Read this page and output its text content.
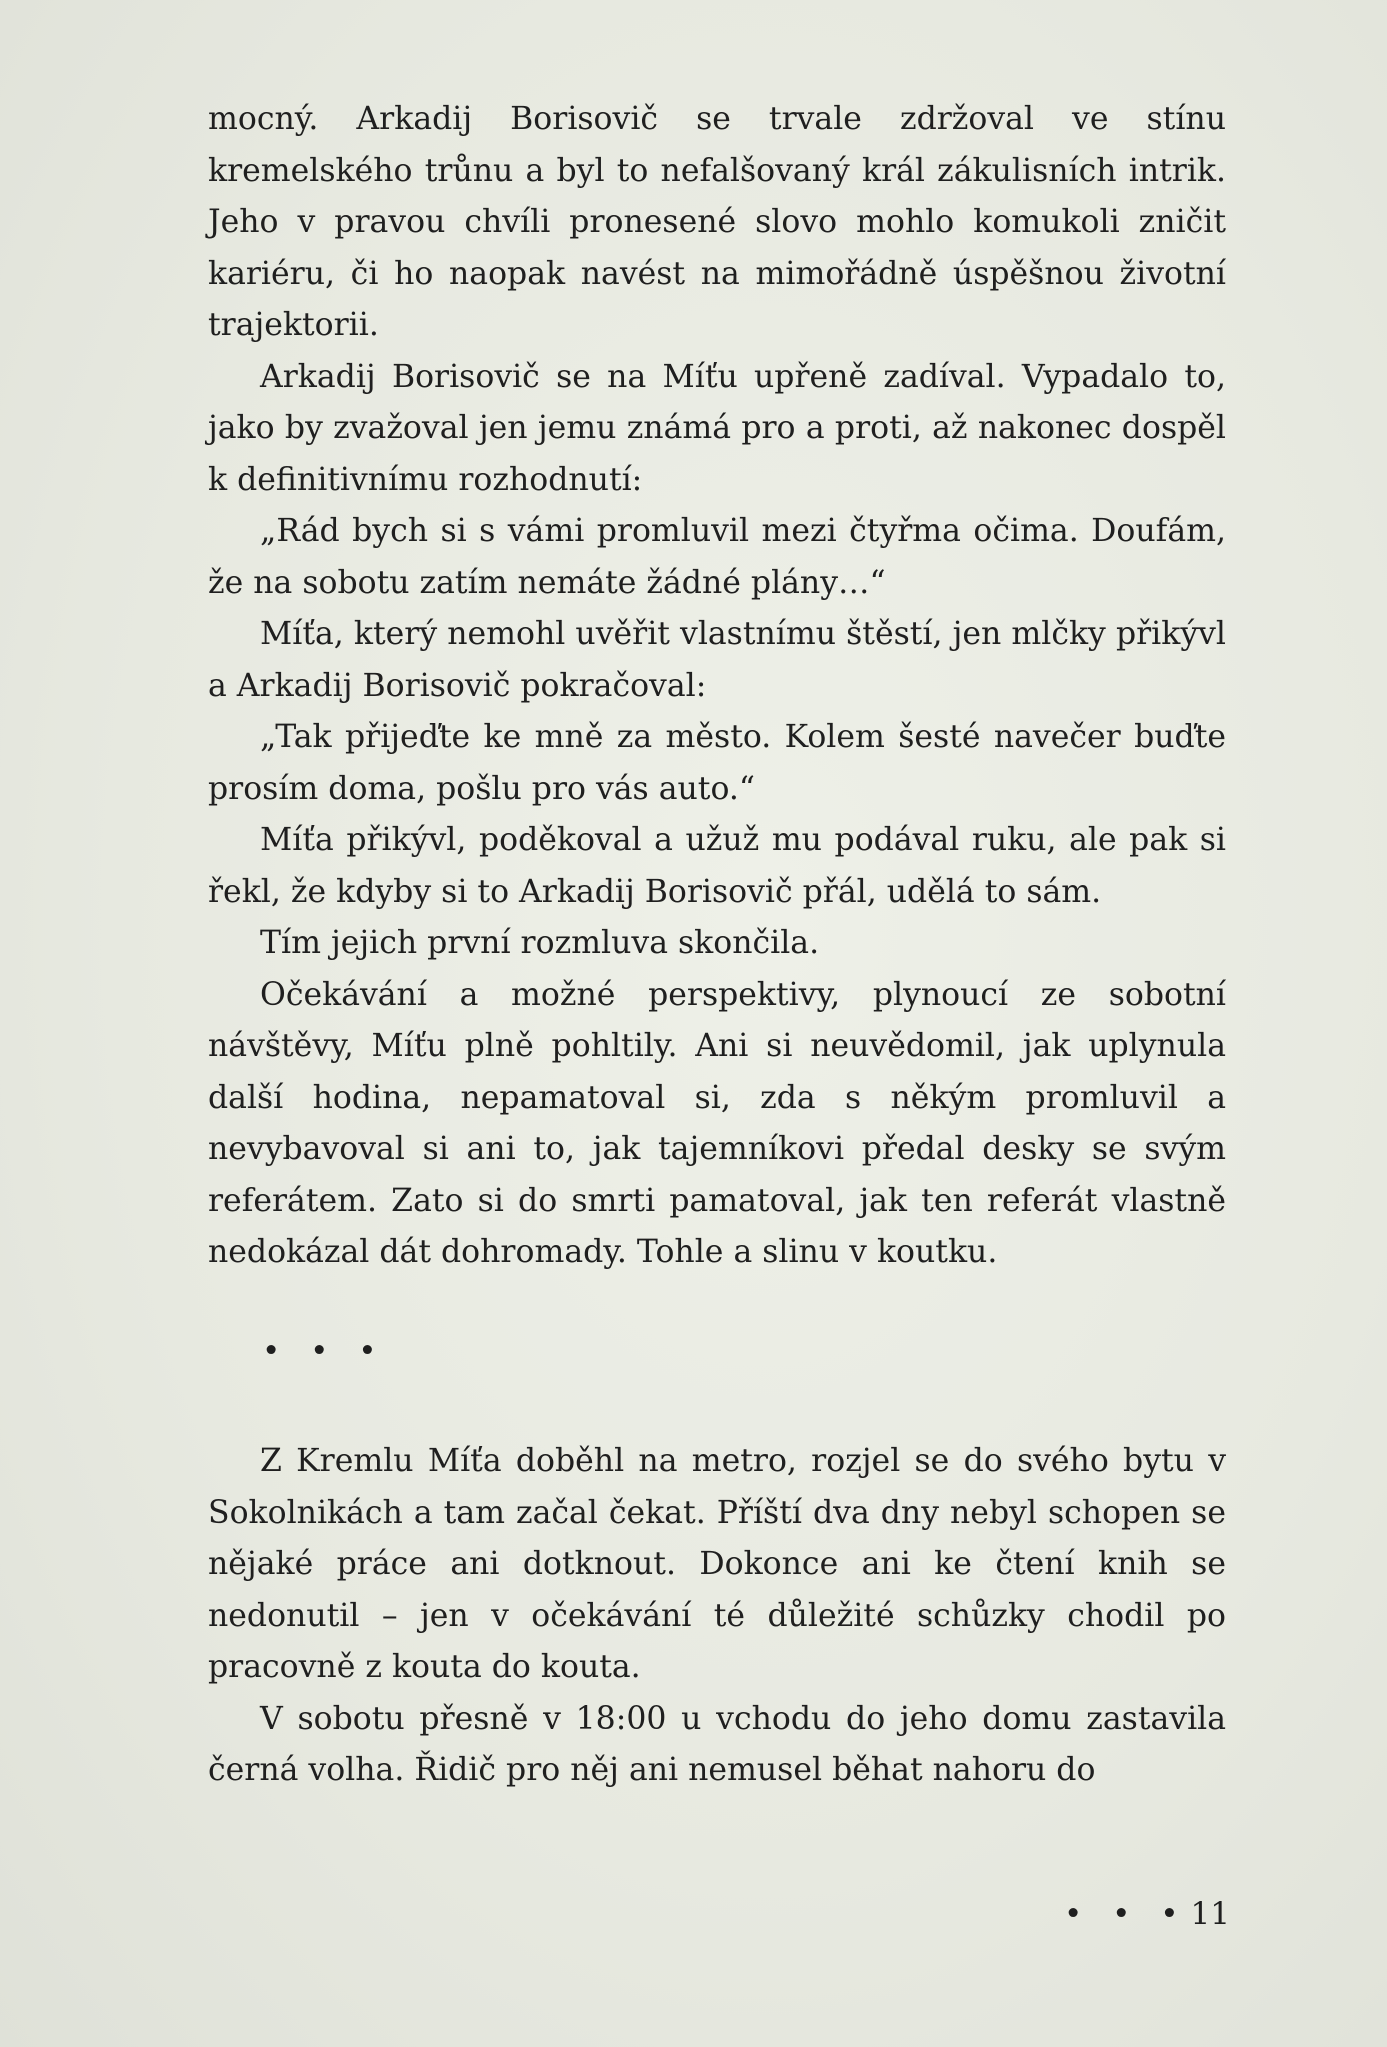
mocný. Arkadij Borisovič se trvale zdržoval ve stínu kremelského trůnu a byl to nefalšovaný král zákulisních intrik. Jeho v pravou chvíli pronesené slovo mohlo komukoli zničit kariéru, či ho naopak navést na mimořádně úspěšnou životní trajektorii.

Arkadij Borisovič se na Míťu upřeně zadíval. Vypadalo to, jako by zvažoval jen jemu známá pro a proti, až nakonec dospěl k definitivnímu rozhodnutí:

„Rád bych si s vámi promluvil mezi čtyřma očima. Doufám, že na sobotu zatím nemáte žádné plány…“

Míťa, který nemohl uvěřit vlastnímu štěstí, jen mlčky přikývl a Arkadij Borisovič pokračoval:

„Tak přijeďte ke mně za město. Kolem šesté navečer buďte prosím doma, pošlu pro vás auto.“

Míťa přikývl, poděkoval a užuž mu podával ruku, ale pak si řekl, že kdyby si to Arkadij Borisovič přál, udělá to sám.

Tím jejich první rozmluva skončila.

Očekávání a možné perspektivy, plynoucí ze sobotní návštěvy, Míťu plně pohltily. Ani si neuvědomil, jak uplynula další hodina, nepamatoval si, zda s někým promluvil a nevybavoval si ani to, jak tajemníkovi předal desky se svým referátem. Zato si do smrti pamatoval, jak ten referát vlastně nedokázal dát dohromady. Tohle a slinu v koutku.

• • •

Z Kremlu Míťa doběhl na metro, rozjel se do svého bytu v Sokolnikách a tam začal čekat. Příští dva dny nebyl schopen se nějaké práce ani dotknout. Dokonce ani ke čtení knih se nedonutil – jen v očekávání té důležité schůzky chodil po pracovně z kouta do kouta.

V sobotu přesně v 18:00 u vchodu do jeho domu zastavila černá volha. Řidič pro něj ani nemusel běhat nahoru do

• • • 11
